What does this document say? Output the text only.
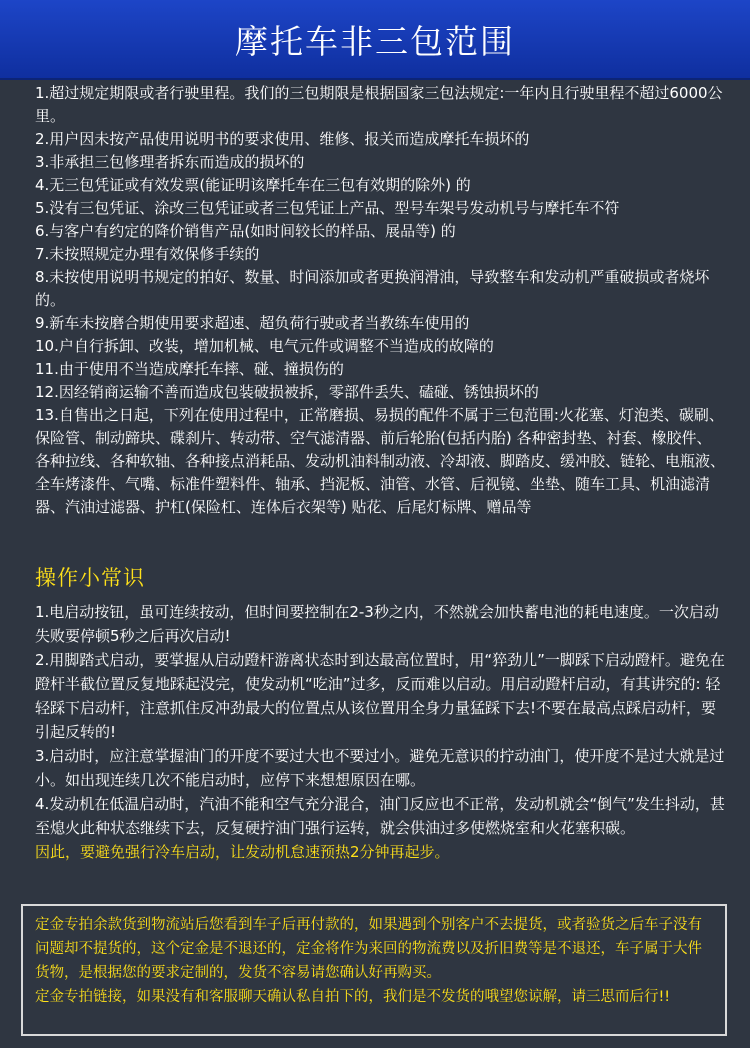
摩托车非三包范围

1.超过规定期限或者行驶里程。我们的三包期限是根据国家三包法规定:一年内且行驶里程不超过6000公里。

2.用户因未按产品使用说明书的要求使用、维修、报关而造成摩托车损坏的

3.非承担三包修理者拆东而造成的损坏的

4.无三包凭证或有效发票(能证明该摩托车在三包有效期的除外) 的

5.没有三包凭证、涂改三包凭证或者三包凭证上产品、型号车架号发动机号与摩托车不符

6.与客户有约定的降价销售产品(如时间较长的样品、展品等) 的

7.未按照规定办理有效保修手续的

8.未按使用说明书规定的拍好、数量、时间添加或者更换润滑油，导致整车和发动机严重破损或者烧坏的。

9.新车未按磨合期使用要求超速、超负荷行驶或者当教练车使用的

10.户自行拆卸、改装，增加机械、电气元件或调整不当造成的故障的

11.由于使用不当造成摩托车摔、碰、撞损伤的

12.因经销商运输不善而造成包装破损被拆，零部件丢失、磕碰、锈蚀损坏的

13.自售出之日起，下列在使用过程中，正常磨损、易损的配件不属于三包范围:火花塞、灯泡类、碳刷、保险管、制动蹄块、碟刹片、转动带、空气滤清器、前后轮胎(包括内胎) 各种密封垫、衬套、橡胶件、各种拉线、各种软轴、各种接点消耗品、发动机油料制动液、冷却液、脚踏皮、缓冲胶、链轮、电瓶液、全车烤漆件、气嘴、标准件塑料件、轴承、挡泥板、油管、水管、后视镜、坐垫、随车工具、机油滤清器、汽油过滤器、护杠(保险杠、连体后衣架等) 贴花、后尾灯标牌、赠品等

操作小常识

1.电启动按钮，虽可连续按动，但时间要控制在2-3秒之内，不然就会加快蓄电池的耗电速度。一次启动失败要停顿5秒之后再次启动!

2.用脚踏式启动，要掌握从启动蹬杆游离状态时到达最高位置时，用“猝劲儿”一脚踩下启动蹬杆。避免在蹬杆半截位置反复地踩起没完，使发动机“吃油”过多，反而难以启动。用启动蹬杆启动，有其讲究的: 轻轻踩下启动杆，注意抓住反冲劲最大的位置点从该位置用全身力量猛踩下去!不要在最高点踩启动杆，要引起反转的!

3.启动时，应注意掌握油门的开度不要过大也不要过小。避免无意识的拧动油门，使开度不是过大就是过小。如出现连续几次不能启动时，应停下来想想原因在哪。

4.发动机在低温启动时，汽油不能和空气充分混合，油门反应也不正常，发动机就会“倒气”发生抖动，甚至熄火此种状态继续下去，反复硬拧油门强行运转，就会供油过多使燃烧室和火花塞积碳。

因此，要避免强行冷车启动，让发动机怠速预热2分钟再起步。

定金专拍余款货到物流站后您看到车子后再付款的，如果遇到个别客户不去提货，或者验货之后车子没有问题却不提货的，这个定金是不退还的，定金将作为来回的物流费以及折旧费等是不退还，车子属于大件货物，是根据您的要求定制的，发货不容易请您确认好再购买。

定金专拍链接，如果没有和客服聊天确认私自拍下的，我们是不发货的哦望您谅解，请三思而后行!!
